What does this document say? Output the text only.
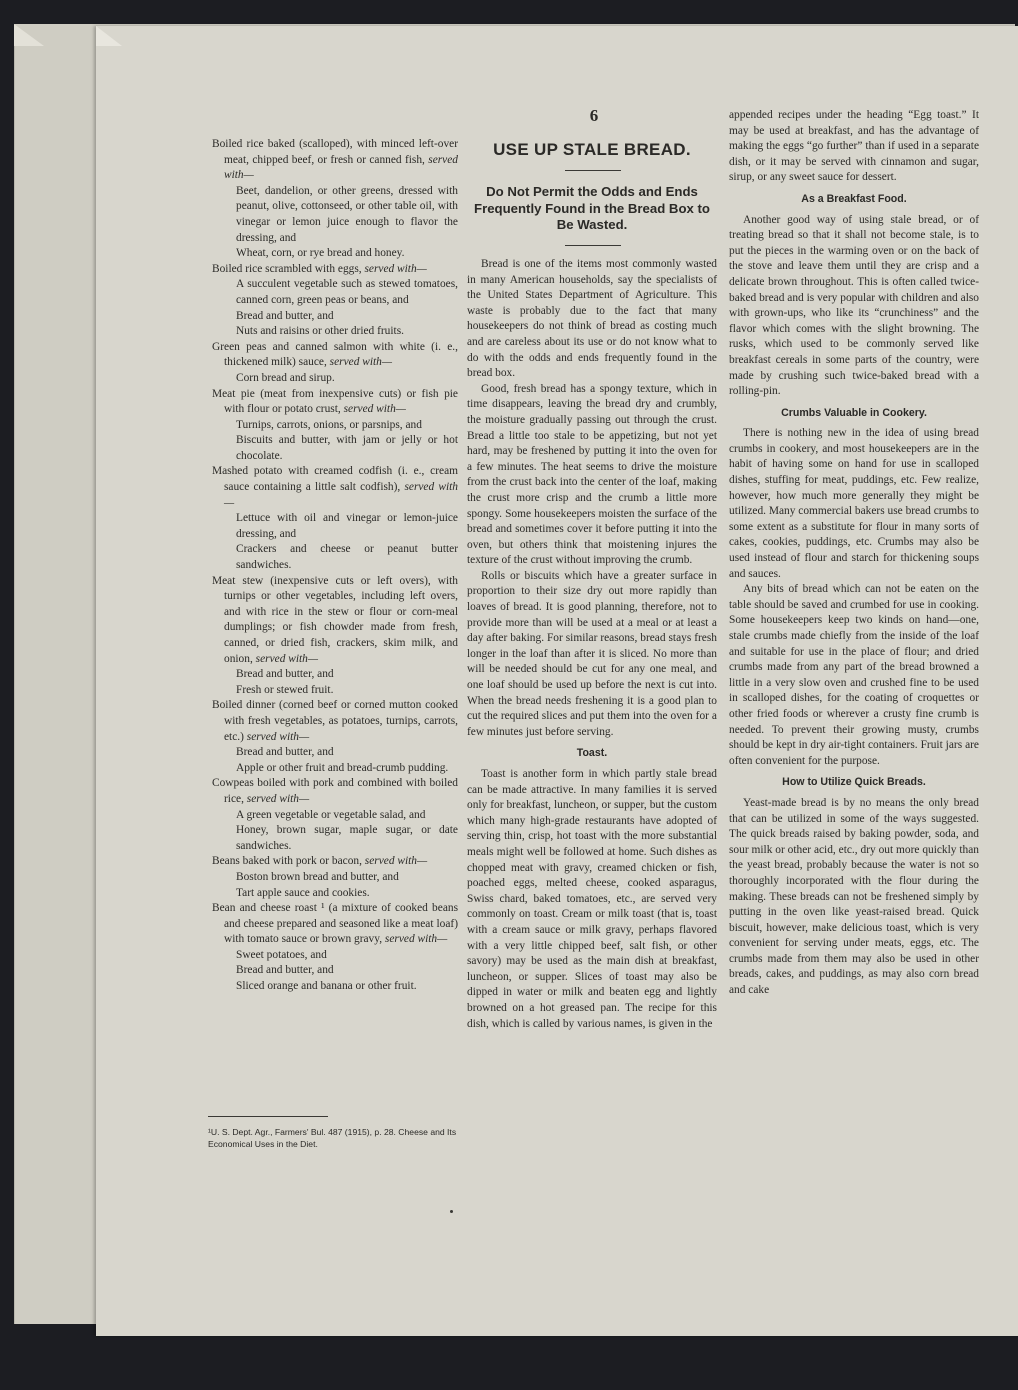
6
USE UP STALE BREAD.
Do Not Permit the Odds and Ends Frequently Found in the Bread Box to Be Wasted.

Boiled rice baked (scalloped), with minced left-over meat, chipped beef, or fresh or canned fish, served with—

Beet, dandelion, or other greens, dressed with peanut, olive, cottonseed, or other table oil, with vinegar or lemon juice enough to flavor the dressing, and

Wheat, corn, or rye bread and honey.

Boiled rice scrambled with eggs, served with—

A succulent vegetable such as stewed tomatoes, canned corn, green peas or beans, and

Bread and butter, and

Nuts and raisins or other dried fruits.

Green peas and canned salmon with white (i. e., thickened milk) sauce, served with—

Corn bread and sirup.

Meat pie (meat from inexpensive cuts) or fish pie with flour or potato crust, served with—

Turnips, carrots, onions, or parsnips, and

Biscuits and butter, with jam or jelly or hot chocolate.

Mashed potato with creamed codfish (i. e., cream sauce containing a little salt codfish), served with—

Lettuce with oil and vinegar or lemon-juice dressing, and

Crackers and cheese or peanut butter sandwiches.

Meat stew (inexpensive cuts or left overs), with turnips or other vegetables, including left overs, and with rice in the stew or flour or corn-meal dumplings; or fish chowder made from fresh, canned, or dried fish, crackers, skim milk, and onion, served with—

Bread and butter, and

Fresh or stewed fruit.

Boiled dinner (corned beef or corned mutton cooked with fresh vegetables, as potatoes, turnips, carrots, etc.) served with—

Bread and butter, and

Apple or other fruit and bread-crumb pudding.

Cowpeas boiled with pork and combined with boiled rice, served with—

A green vegetable or vegetable salad, and

Honey, brown sugar, maple sugar, or date sandwiches.

Beans baked with pork or bacon, served with—

Boston brown bread and butter, and

Tart apple sauce and cookies.

Bean and cheese roast ¹ (a mixture of cooked beans and cheese prepared and seasoned like a meat loaf) with tomato sauce or brown gravy, served with—

Sweet potatoes, and

Bread and butter, and

Sliced orange and banana or other fruit.

¹U. S. Dept. Agr., Farmers' Bul. 487 (1915), p. 28. Cheese and Its Economical Uses in the Diet.

Bread is one of the items most commonly wasted in many American households, say the specialists of the United States Department of Agriculture. This waste is probably due to the fact that many housekeepers do not think of bread as costing much and are careless about its use or do not know what to do with the odds and ends frequently found in the bread box.

Good, fresh bread has a spongy texture, which in time disappears, leaving the bread dry and crumbly, the moisture gradually passing out through the crust. Bread a little too stale to be appetizing, but not yet hard, may be freshened by putting it into the oven for a few minutes. The heat seems to drive the moisture from the crust back into the center of the loaf, making the crust more crisp and the crumb a little more spongy. Some housekeepers moisten the surface of the bread and sometimes cover it before putting it into the oven, but others think that moistening injures the texture of the crust without improving the crumb.

Rolls or biscuits which have a greater surface in proportion to their size dry out more rapidly than loaves of bread. It is good planning, therefore, not to provide more than will be used at a meal or at least a day after baking. For similar reasons, bread stays fresh longer in the loaf than after it is sliced. No more than will be needed should be cut for any one meal, and one loaf should be used up before the next is cut into. When the bread needs freshening it is a good plan to cut the required slices and put them into the oven for a few minutes just before serving.

Toast.

Toast is another form in which partly stale bread can be made attractive. In many families it is served only for breakfast, luncheon, or supper, but the custom which many high-grade restaurants have adopted of serving thin, crisp, hot toast with the more substantial meals might well be followed at home. Such dishes as chopped meat with gravy, creamed chicken or fish, poached eggs, melted cheese, cooked asparagus, Swiss chard, baked tomatoes, etc., are served very commonly on toast. Cream or milk toast (that is, toast with a cream sauce or milk gravy, perhaps flavored with a very little chipped beef, salt fish, or other savory) may be used as the main dish at breakfast, luncheon, or supper. Slices of toast may also be dipped in water or milk and beaten egg and lightly browned on a hot greased pan. The recipe for this dish, which is called by various names, is given in the

appended recipes under the heading “Egg toast.” It may be used at breakfast, and has the advantage of making the eggs “go further” than if used in a separate dish, or it may be served with cinnamon and sugar, sirup, or any sweet sauce for dessert.

As a Breakfast Food.

Another good way of using stale bread, or of treating bread so that it shall not become stale, is to put the pieces in the warming oven or on the back of the stove and leave them until they are crisp and a delicate brown throughout. This is often called twice-baked bread and is very popular with children and also with grown-ups, who like its “crunchiness” and the flavor which comes with the slight browning. The rusks, which used to be commonly served like breakfast cereals in some parts of the country, were made by crushing such twice-baked bread with a rolling-pin.

Crumbs Valuable in Cookery.

There is nothing new in the idea of using bread crumbs in cookery, and most housekeepers are in the habit of having some on hand for use in scalloped dishes, stuffing for meat, puddings, etc. Few realize, however, how much more generally they might be utilized. Many commercial bakers use bread crumbs to some extent as a substitute for flour in many sorts of cakes, cookies, puddings, etc. Crumbs may also be used instead of flour and starch for thickening soups and sauces.

Any bits of bread which can not be eaten on the table should be saved and crumbed for use in cooking. Some housekeepers keep two kinds on hand—one, stale crumbs made chiefly from the inside of the loaf and suitable for use in the place of flour; and dried crumbs made from any part of the bread browned a little in a very slow oven and crushed fine to be used in scalloped dishes, for the coating of croquettes or other fried foods or wherever a crusty fine crumb is needed. To prevent their growing musty, crumbs should be kept in dry air-tight containers. Fruit jars are often convenient for the purpose.

How to Utilize Quick Breads.

Yeast-made bread is by no means the only bread that can be utilized in some of the ways suggested. The quick breads raised by baking powder, soda, and sour milk or other acid, etc., dry out more quickly than the yeast bread, probably because the water is not so thoroughly incorporated with the flour during the making. These breads can not be freshened simply by putting in the oven like yeast-raised bread. Quick biscuit, however, make delicious toast, which is very convenient for serving under meats, eggs, etc. The crumbs made from them may also be used in other breads, cakes, and puddings, as may also corn bread and cake
